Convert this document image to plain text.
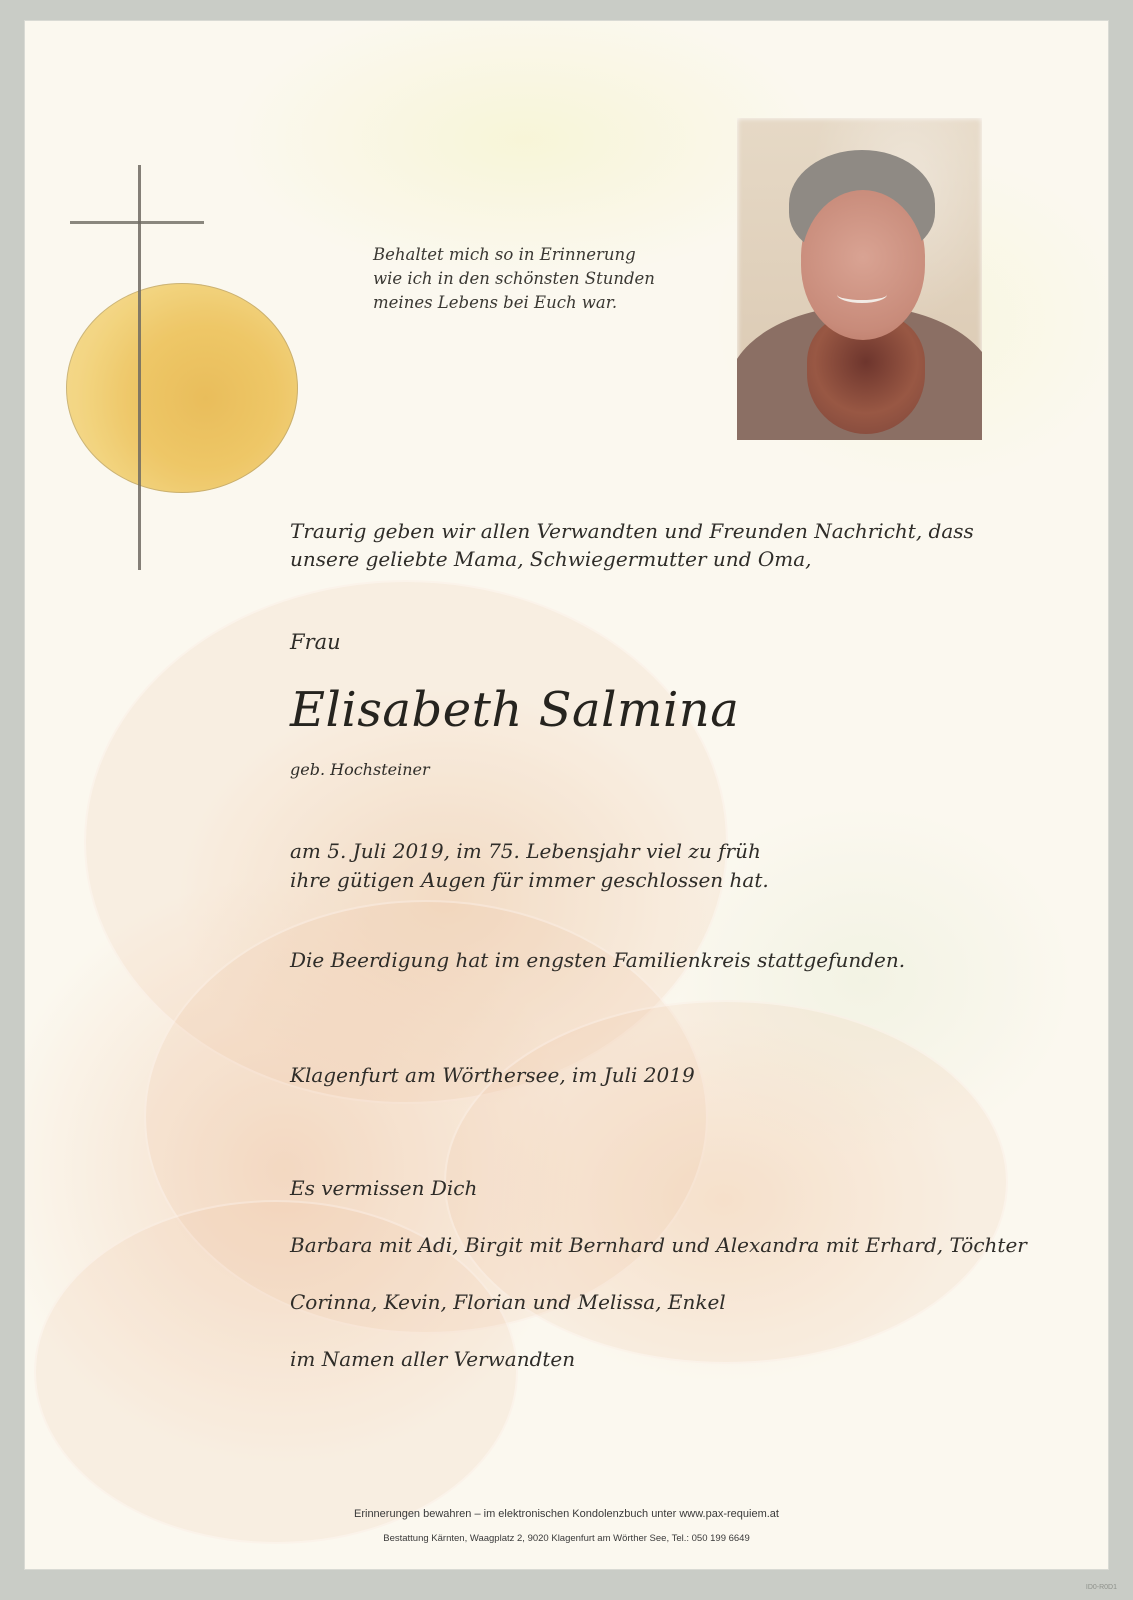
Behaltet mich so in Erinnerung
wie ich in den schönsten Stunden
meines Lebens bei Euch war.
Traurig geben wir allen Verwandten und Freunden Nachricht, dass
unsere geliebte Mama, Schwiegermutter und Oma,
Frau
Elisabeth Salmina
geb. Hochsteiner
am 5. Juli 2019, im 75. Lebensjahr viel zu früh
ihre gütigen Augen für immer geschlossen hat.
Die Beerdigung hat im engsten Familienkreis stattgefunden.
Klagenfurt am Wörthersee, im Juli 2019
Es vermissen Dich
Barbara mit Adi, Birgit mit Bernhard und Alexandra mit Erhard, Töchter
Corinna, Kevin, Florian und Melissa, Enkel
im Namen aller Verwandten
Erinnerungen bewahren – im elektronischen Kondolenzbuch unter www.pax-requiem.at
Bestattung Kärnten, Waagplatz 2, 9020 Klagenfurt am Wörther See, Tel.: 050 199 6649
ID0-R0D1
